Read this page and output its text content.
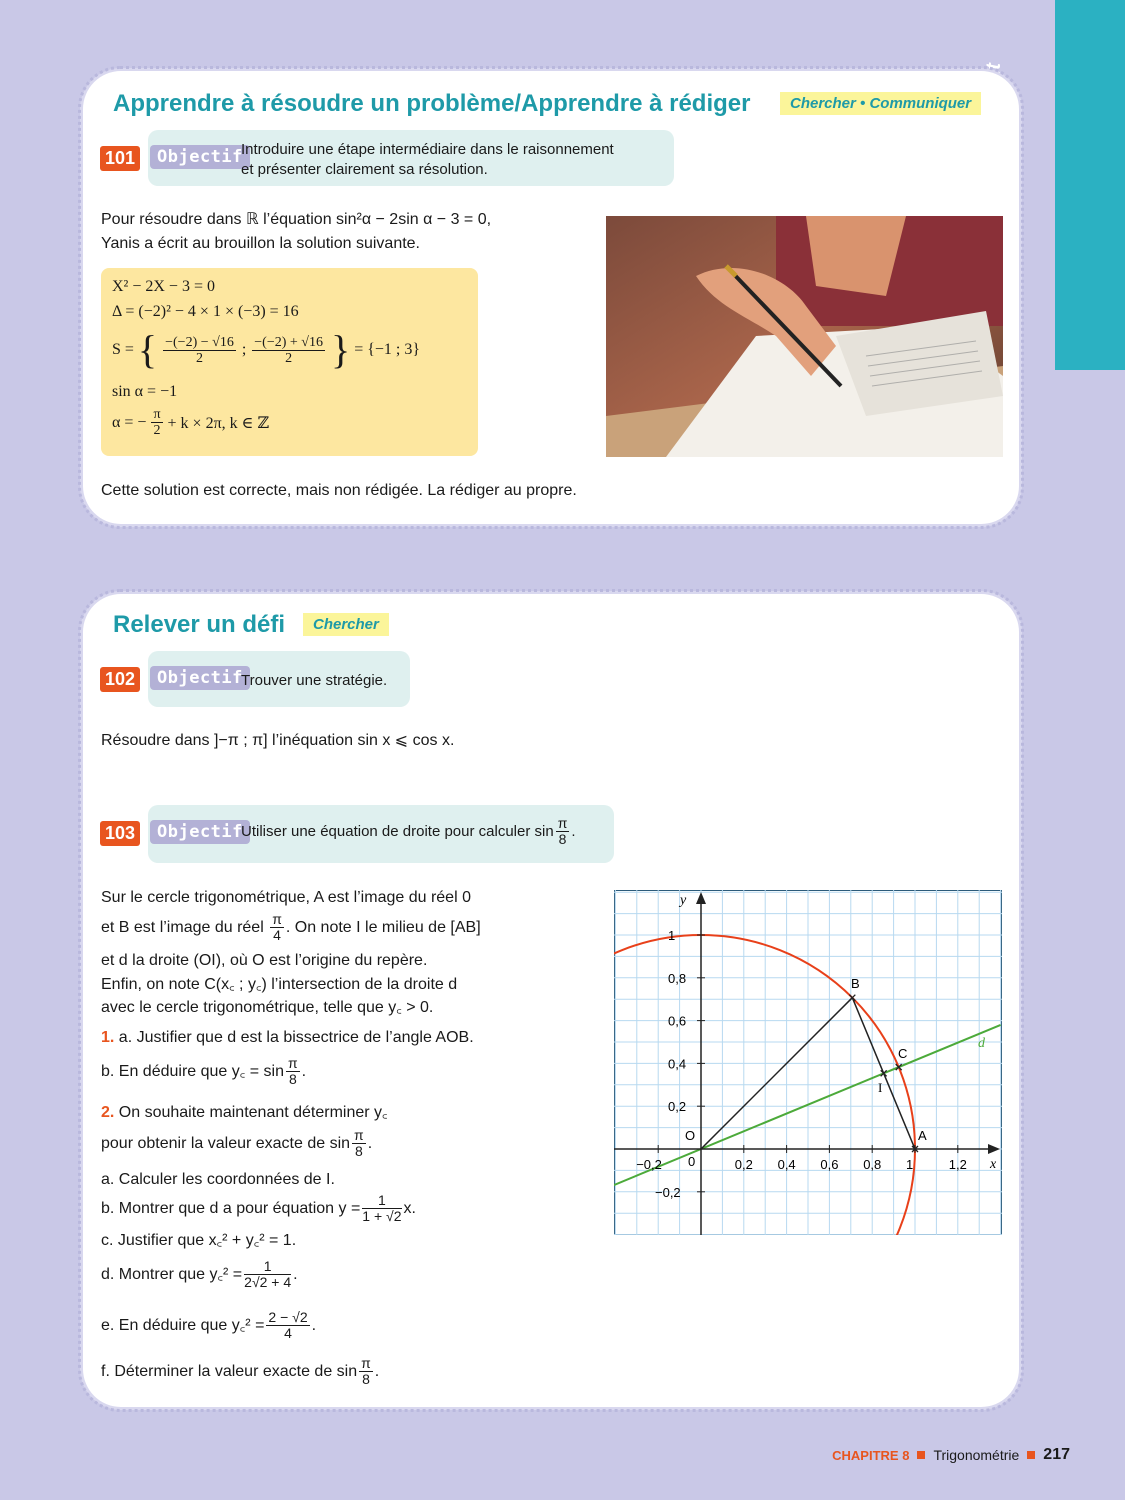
Apprendre à résoudre un problème/Apprendre à rédiger	Chercher • Communiquer
101	Objectif
Introduire une étape intermédiaire dans le raisonnement
et présenter clairement sa résolution.
Pour résoudre dans ℝ l’équation sin²α − 2sin α − 3 = 0,
Yanis a écrit au brouillon la solution suivante.
X² − 2X − 3 = 0
Δ = (−2)² − 4 × 1 × (−3) = 16
S = { $\frac{-(-2) - √16}{2}$ ; $\frac{-(-2) + √16}{2}$ } = {−1 ; 3}
sin α = −1
α = − $\frac{\pi}{2} + k \times 2\pi$, k ∈ ℤ
Cette solution est correcte, mais non rédigée. La rédiger au propre.
Relever un défi	Chercher
102	Objectif
Trouver une stratégie.
Résoudre dans ]−π ; π] l’inéquation sin x ⩽ cos x.
103	Objectif
Utiliser une équation de droite pour calculer $\sin \frac{\pi}{8}$ .
Sur le cercle trigonométrique, A est l’image du réel 0
et B est l’image du réel
$\frac{\pi}{4}$ . On note I le milieu de [AB]
et d la droite (OI), où O est l’origine du repère.
Enfin, on note C(x꜀ ; y꜀) l’intersection de la droite d
avec le cercle trigonométrique, telle que y꜀ > 0.
1. a. Justifier que d est la bissectrice de l’angle AOB.
b. En déduire que y꜀ = $\sin \frac{\pi}{8}$ .
2. On souhaite maintenant déterminer y꜀
pour obtenir la valeur exacte de $\sin \frac{\pi}{8}$ .
a. Calculer les coordonnées de I.
b. Montrer que d a pour équation $y = \frac{1}{1 + √2} x$.
c. Justifier que x꜀² + y꜀² = 1.
d. Montrer que y꜀² = $\frac{1}{2√2 + 4}$ .
e. En déduire que y꜀² = $\frac{2 - √2}{4}$ .
f. Déterminer la valeur exacte de $\sin \frac{\pi}{8}$ .
−0,2	0,2 0,4 0,6 0,8 1	1,2
1
0,8
0,6
0,4
0,2
−0,2
x
y
O
0
A
B
C
I
d
CHAPITRE 8 Trigonométrie 217
